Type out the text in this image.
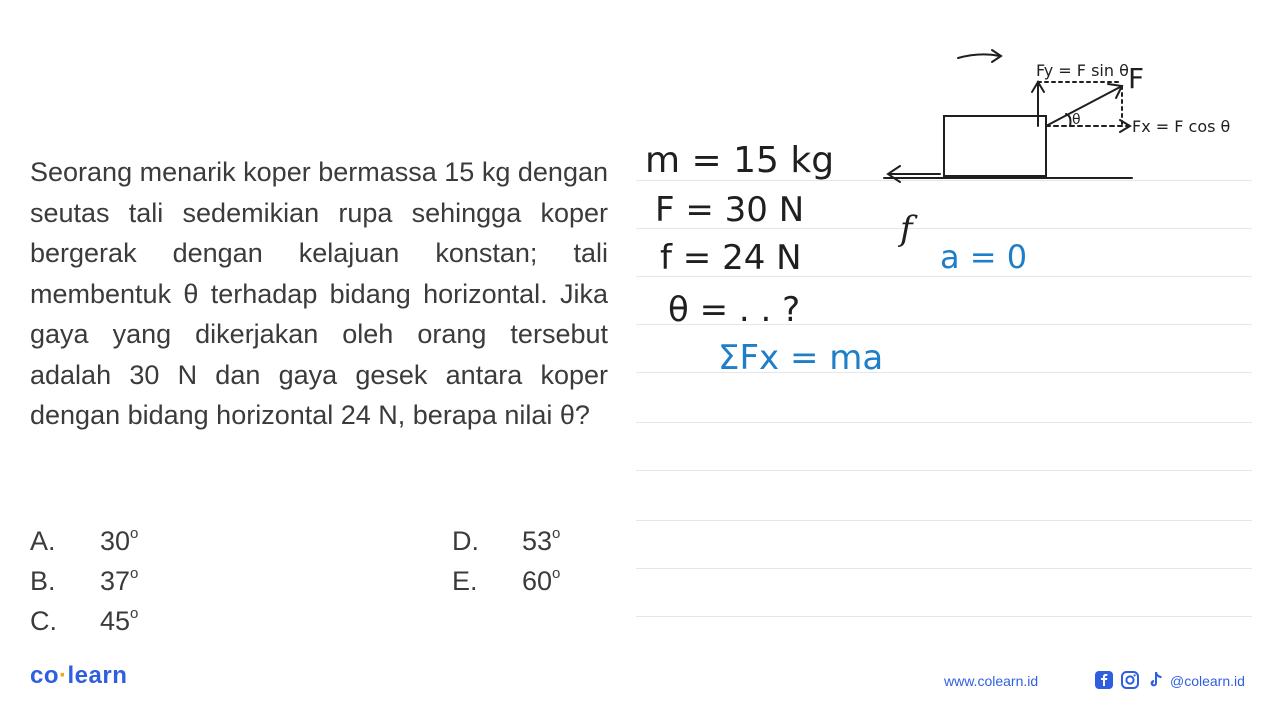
Seorang menarik koper bermassa 15 kg dengan seutas tali sedemikian rupa sehingga koper bergerak dengan kelajuan konstan; tali membentuk θ terhadap bidang horizontal. Jika gaya yang dikerjakan oleh orang tersebut adalah 30 N dan gaya gesek antara koper dengan bidang horizontal 24 N, berapa nilai θ?
A. 30$^o$
B. 37$^o$
C. 45$^o$
D. 53$^o$
E. 60$^o$
m = 15 kg
F = 30 N
f = 24 N
θ = . . ?
ΣFx = ma
a = 0
Fy = F sin θ
Fx = F cos θ
F
f
θ
co·learn	www.colearn.id	@colearn.id
